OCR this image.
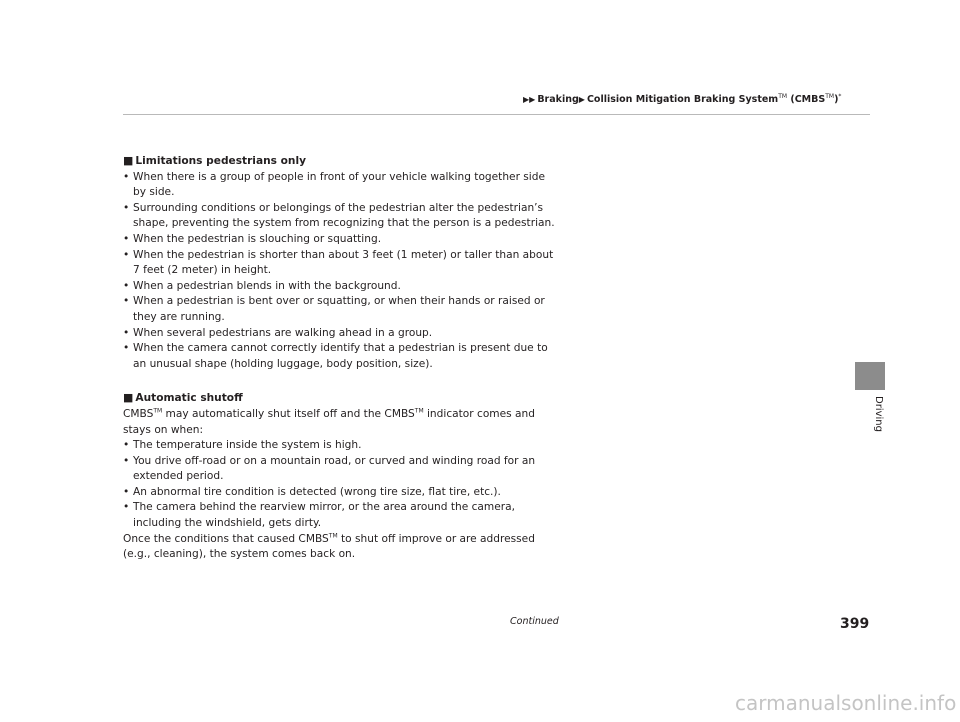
▶▶ Braking▶ Collision Mitigation Braking System™ (CMBS™)*
Driving
■ Limitations pedestrians only
• When there is a group of people in front of your vehicle walking together side by side.
• Surrounding conditions or belongings of the pedestrian alter the pedestrian’s shape, preventing the system from recognizing that the person is a pedestrian.
• When the pedestrian is slouching or squatting.
• When the pedestrian is shorter than about 3 feet (1 meter) or taller than about 7 feet (2 meter) in height.
• When a pedestrian blends in with the background.
• When a pedestrian is bent over or squatting, or when their hands or raised or they are running.
• When several pedestrians are walking ahead in a group.
• When the camera cannot correctly identify that a pedestrian is present due to an unusual shape (holding luggage, body position, size).
■ Automatic shutoff
CMBS™ may automatically shut itself off and the CMBS™ indicator comes and stays on when:
• The temperature inside the system is high.
• You drive off-road or on a mountain road, or curved and winding road for an extended period.
• An abnormal tire condition is detected (wrong tire size, flat tire, etc.).
• The camera behind the rearview mirror, or the area around the camera, including the windshield, gets dirty.
Once the conditions that caused CMBS™ to shut off improve or are addressed (e.g., cleaning), the system comes back on.
Continued	399
carmanualsonline.info
